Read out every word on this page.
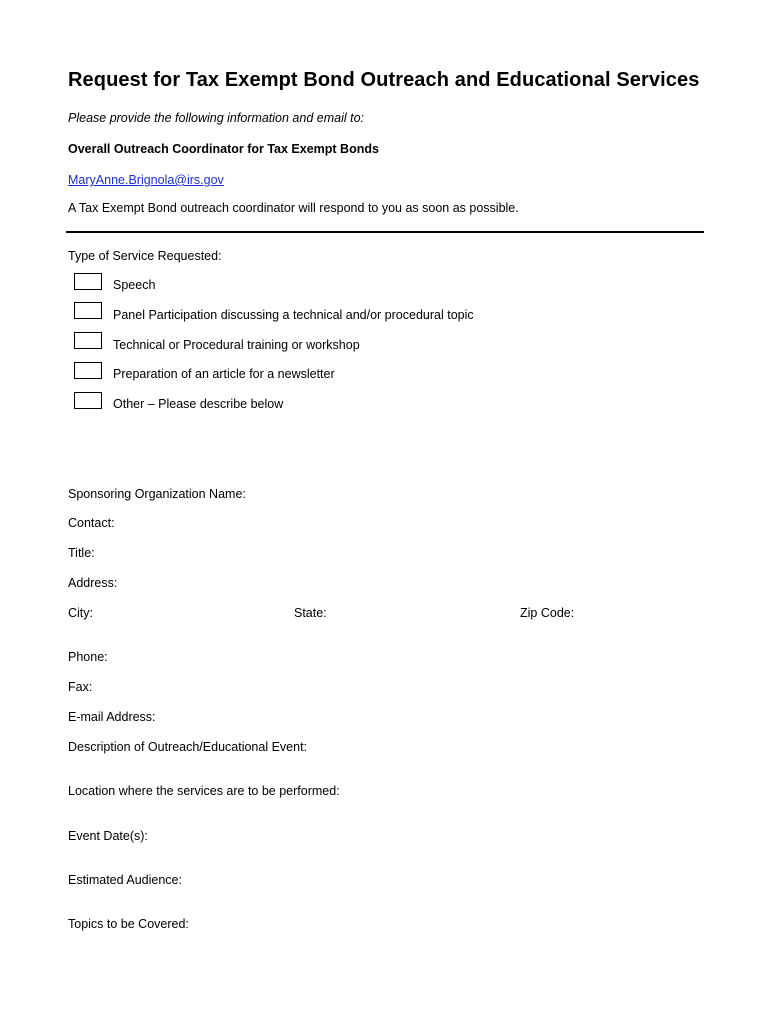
Request for Tax Exempt Bond Outreach and Educational Services
Please provide the following information and email to:
Overall Outreach Coordinator for Tax Exempt Bonds
MaryAnne.Brignola@irs.gov
A Tax Exempt Bond outreach coordinator will respond to you as soon as possible.
Type of Service Requested:
Speech
Panel Participation discussing a technical and/or procedural topic
Technical or Procedural training or workshop
Preparation of an article for a newsletter
Other – Please describe below
Sponsoring Organization Name:
Contact:
Title:
Address:
City:	State:	Zip Code:
Phone:
Fax:
E-mail Address:
Description of Outreach/Educational Event:
Location where the services are to be performed:
Event Date(s):
Estimated Audience:
Topics to be Covered:
